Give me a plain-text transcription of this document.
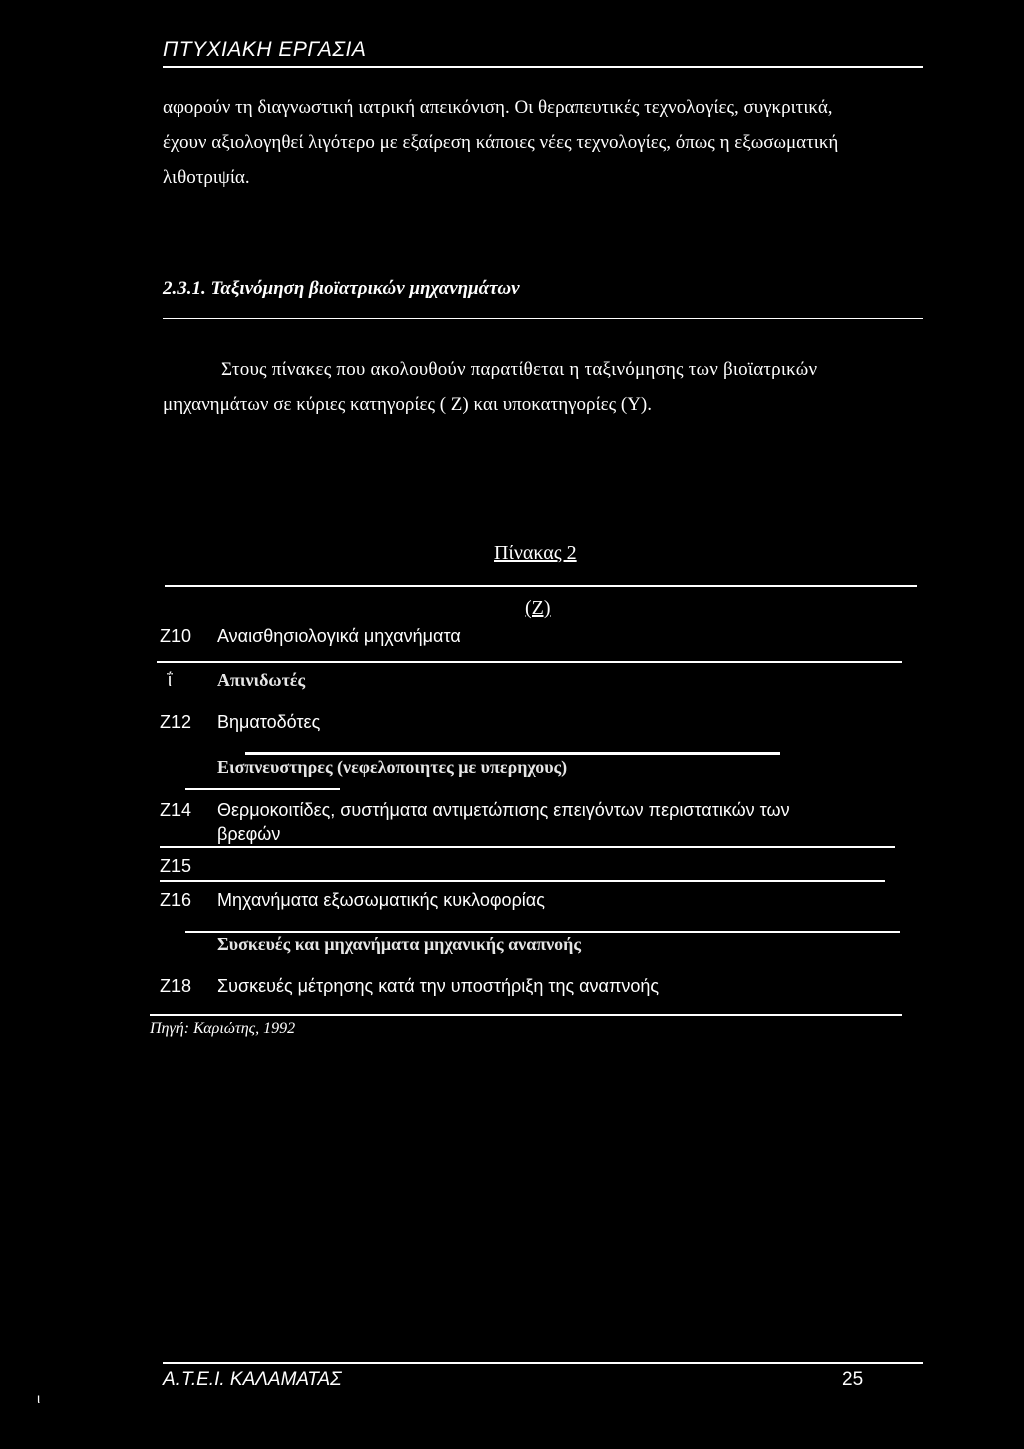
ΠΤΥΧΙΑΚΗ ΕΡΓΑΣΙΑ
αφορούν τη διαγνωστική ιατρική απεικόνιση. Οι θεραπευτικές τεχνολογίες, συγκριτικά,
έχουν αξιολογηθεί λιγότερο με εξαίρεση κάποιες νέες τεχνολογίες, όπως η εξωσωματική
λιθοτριψία.
2.3.1. Ταξινόμηση βιοϊατρικών μηχανημάτων
Στους πίνακες που ακολουθούν παρατίθεται η ταξινόμησης των βιοϊατρικών
μηχανημάτων σε κύριες κατηγορίες ( Ζ) και υποκατηγορίες (Υ).
Πίνακας 2
(Ζ)
Ζ10 Αναισθησιολογικά μηχανήματα
ΐ	Απινιδωτές
Ζ12 Βηματοδότες
Εισπνευστηρες (νεφελοποιητες με υπερηχους)
Ζ14 Θερμοκοιτίδες, συστήματα αντιμετώπισης επειγόντων περιστατικών των
βρεφών
Ζ15
Ζ16 Μηχανήματα εξωσωματικής κυκλοφορίας
Συσκευές και μηχανήματα μηχανικής αναπνοής
Ζ18 Συσκευές μέτρησης κατά την υποστήριξη της αναπνοής
Πηγή: Καριώτης, 1992
Α.Τ.Ε.Ι. ΚΑΛΑΜΑΤΑΣ	25
ι
